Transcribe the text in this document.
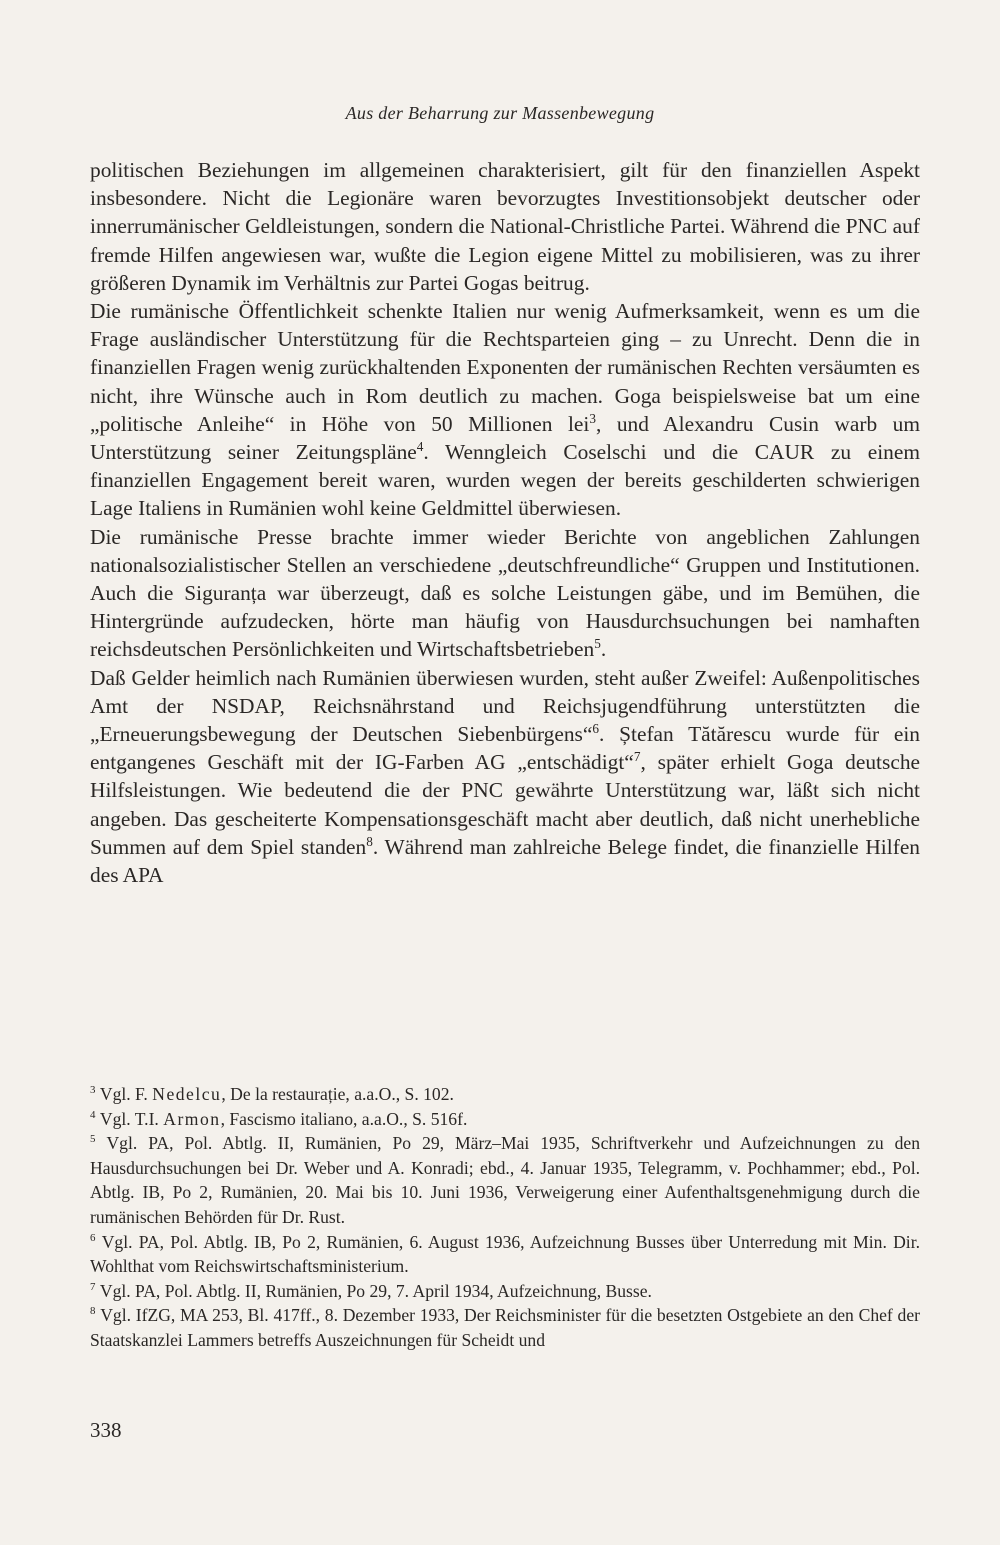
Aus der Beharrung zur Massenbewegung

politischen Beziehungen im allgemeinen charakterisiert, gilt für den finanziellen Aspekt insbesondere. Nicht die Legionäre waren bevorzugtes Investitionsobjekt deutscher oder innerrumänischer Geldleistungen, sondern die National-Christliche Partei. Während die PNC auf fremde Hilfen angewiesen war, wußte die Legion eigene Mittel zu mobilisieren, was zu ihrer größeren Dynamik im Verhältnis zur Partei Gogas beitrug.

Die rumänische Öffentlichkeit schenkte Italien nur wenig Aufmerksamkeit, wenn es um die Frage ausländischer Unterstützung für die Rechtsparteien ging – zu Unrecht. Denn die in finanziellen Fragen wenig zurückhaltenden Exponenten der rumänischen Rechten versäumten es nicht, ihre Wünsche auch in Rom deutlich zu machen. Goga beispielsweise bat um eine „politische Anleihe“ in Höhe von 50 Millionen lei$^3$, und Alexandru Cusin warb um Unterstützung seiner Zeitungspläne$^4$. Wenngleich Coselschi und die CAUR zu einem finanziellen Engagement bereit waren, wurden wegen der bereits geschilderten schwierigen Lage Italiens in Rumänien wohl keine Geldmittel überwiesen.

Die rumänische Presse brachte immer wieder Berichte von angeblichen Zahlungen nationalsozialistischer Stellen an verschiedene „deutschfreundliche“ Gruppen und Institutionen. Auch die Siguranța war überzeugt, daß es solche Leistungen gäbe, und im Bemühen, die Hintergründe aufzudecken, hörte man häufig von Hausdurchsuchungen bei namhaften reichsdeutschen Persönlichkeiten und Wirtschaftsbetrieben$^5$.

Daß Gelder heimlich nach Rumänien überwiesen wurden, steht außer Zweifel: Außenpolitisches Amt der NSDAP, Reichsnährstand und Reichsjugendführung unterstützten die „Erneuerungsbewegung der Deutschen Siebenbürgens“$^6$. Ștefan Tătărescu wurde für ein entgangenes Geschäft mit der IG-Farben AG „entschädigt“$^7$, später erhielt Goga deutsche Hilfsleistungen. Wie bedeutend die der PNC gewährte Unterstützung war, läßt sich nicht angeben. Das gescheiterte Kompensationsgeschäft macht aber deutlich, daß nicht unerhebliche Summen auf dem Spiel standen$^8$. Während man zahlreiche Belege findet, die finanzielle Hilfen des APA

$^3$ Vgl. F. Nedelcu, De la restaurație, a.a.O., S. 102.
$^4$ Vgl. T.I. Armon, Fascismo italiano, a.a.O., S. 516f.
$^5$ Vgl. PA, Pol. Abtlg. II, Rumänien, Po 29, März–Mai 1935, Schriftverkehr und Aufzeichnungen zu den Hausdurchsuchungen bei Dr. Weber und A. Konradi; ebd., 4. Januar 1935, Telegramm, v. Pochhammer; ebd., Pol. Abtlg. IB, Po 2, Rumänien, 20. Mai bis 10. Juni 1936, Verweigerung einer Aufenthaltsgenehmigung durch die rumänischen Behörden für Dr. Rust.
$^6$ Vgl. PA, Pol. Abtlg. IB, Po 2, Rumänien, 6. August 1936, Aufzeichnung Busses über Unterredung mit Min. Dir. Wohlthat vom Reichswirtschaftsministerium.
$^7$ Vgl. PA, Pol. Abtlg. II, Rumänien, Po 29, 7. April 1934, Aufzeichnung, Busse.
$^8$ Vgl. IfZG, MA 253, Bl. 417ff., 8. Dezember 1933, Der Reichsminister für die besetzten Ostgebiete an den Chef der Staatskanzlei Lammers betreffs Auszeichnungen für Scheidt und
338
